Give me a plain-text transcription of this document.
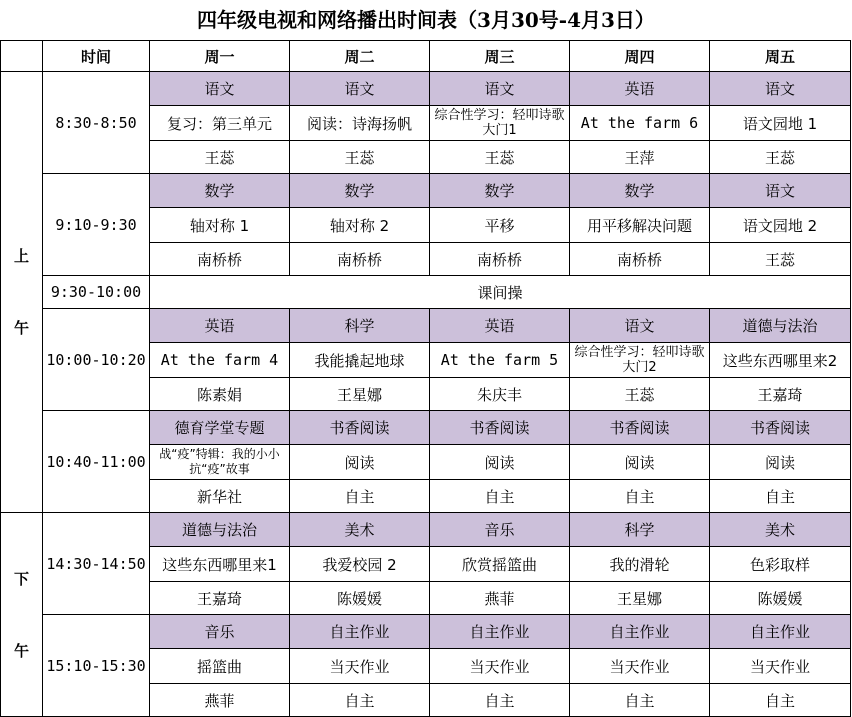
四年级电视和网络播出时间表（3月30号-4月3日）
	时间	周一	周二	周三	周四	周五

上
午	8:30-8:50	语文	语文	语文	英语	语文
		复习：第三单元	阅读：诗海扬帆	综合性学习：轻叩诗歌大门1	At the farm 6	语文园地 1
		王蕊	王蕊	王蕊	王萍	王蕊
	9:10-9:30	数学	数学	数学	数学	语文
		轴对称 1	轴对称 2	平移	用平移解决问题	语文园地 2
		南桥桥	南桥桥	南桥桥	南桥桥	王蕊
	9:30-10:00	课间操				
	10:00-10:20	英语	科学	英语	语文	道德与法治
		At the farm 4	我能撬起地球	At the farm 5	综合性学习：轻叩诗歌大门2	这些东西哪里来2
		陈素娟	王星娜	朱庆丰	王蕊	王嘉琦
	10:40-11:00	德育学堂专题	书香阅读	书香阅读	书香阅读	书香阅读
		战“疫”特辑：我的小小抗“疫”故事	阅读	阅读	阅读	阅读
		新华社	自主	自主	自主	自主

下
午	14:30-14:50	道德与法治	美术	音乐	科学	美术
		这些东西哪里来1	我爱校园 2	欣赏摇篮曲	我的滑轮	色彩取样
		王嘉琦	陈媛媛	燕菲	王星娜	陈媛媛
	15:10-15:30	音乐	自主作业	自主作业	自主作业	自主作业
		摇篮曲	当天作业	当天作业	当天作业	当天作业
		燕菲	自主	自主	自主	自主
